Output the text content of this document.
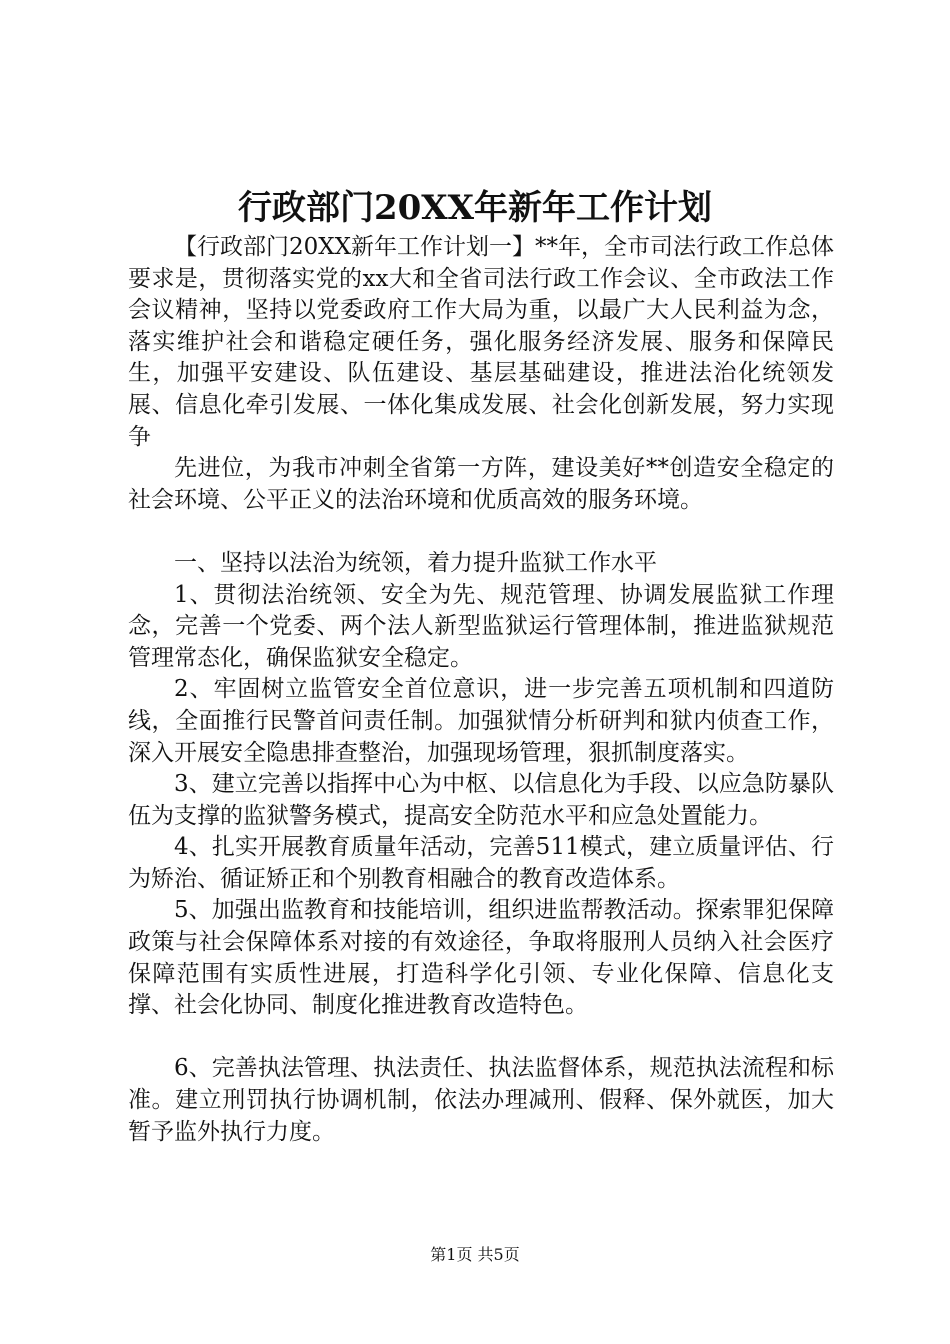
行政部门20XX年新年工作计划

【行政部门20XX新年工作计划一】**年，全市司法行政工作总体要求是，贯彻落实党的xx大和全省司法行政工作会议、全市政法工作会议精神，坚持以党委政府工作大局为重，以最广大人民利益为念，落实维护社会和谐稳定硬任务，强化服务经济发展、服务和保障民生，加强平安建设、队伍建设、基层基础建设，推进法治化统领发展、信息化牵引发展、一体化集成发展、社会化创新发展，努力实现争

先进位，为我市冲刺全省第一方阵，建设美好**创造安全稳定的社会环境、公平正义的法治环境和优质高效的服务环境。

一、坚持以法治为统领，着力提升监狱工作水平

1、贯彻法治统领、安全为先、规范管理、协调发展监狱工作理念，完善一个党委、两个法人新型监狱运行管理体制，推进监狱规范管理常态化，确保监狱安全稳定。

2、牢固树立监管安全首位意识，进一步完善五项机制和四道防线，全面推行民警首问责任制。加强狱情分析研判和狱内侦查工作，深入开展安全隐患排查整治，加强现场管理，狠抓制度落实。

3、建立完善以指挥中心为中枢、以信息化为手段、以应急防暴队伍为支撑的监狱警务模式，提高安全防范水平和应急处置能力。

4、扎实开展教育质量年活动，完善511模式，建立质量评估、行为矫治、循证矫正和个别教育相融合的教育改造体系。

5、加强出监教育和技能培训，组织进监帮教活动。探索罪犯保障政策与社会保障体系对接的有效途径，争取将服刑人员纳入社会医疗保障范围有实质性进展，打造科学化引领、专业化保障、信息化支撑、社会化协同、制度化推进教育改造特色。

6、完善执法管理、执法责任、执法监督体系，规范执法流程和标准。建立刑罚执行协调机制，依法办理减刑、假释、保外就医，加大暂予监外执行力度。

第1页 共5页
